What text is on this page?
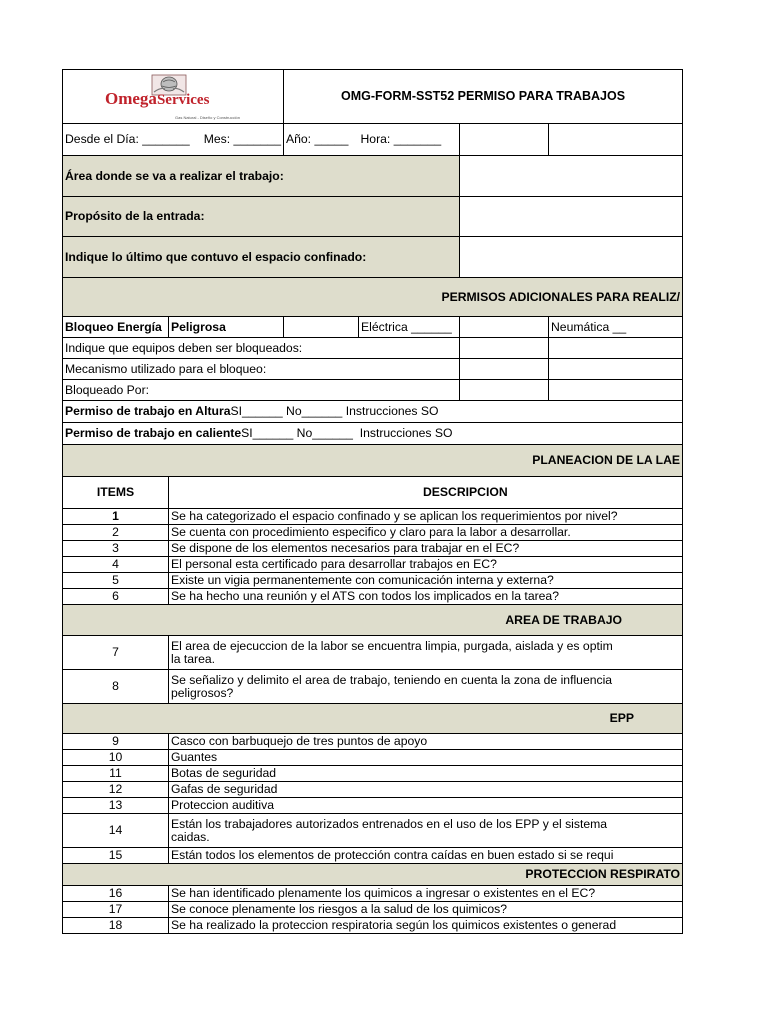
OmegaServices
Gas Natural - Diseño y Construcción		OMG-FORM-SST52 PERMISO PARA TRABAJOS			
Desde el Día: _______	Mes: _______	Año: _____	Hora: _______		
Área donde se va a realizar el trabajo:					
Propósito de la entrada:					
Indique lo último que contuvo el espacio confinado:					
PERMISOS ADICIONALES PARA REALIZ/					
Bloqueo Energía	Peligrosa		Eléctrica ______		Neumática __
Indique que equipos deben ser bloqueados:					
Mecanismo utilizado para el bloqueo:					
Bloqueado Por:					
Permiso de trabajo en AlturaSI______ No______ Instrucciones SO					
Permiso de trabajo en calienteSI______ No______  Instrucciones SO					
PLANEACION DE LA LAE					
ITEMS	DESCRIPCION				
1	Se ha categorizado el espacio confinado y se aplican los requerimientos por nivel?				
2	Se cuenta con procedimiento especifico y claro para la labor a desarrollar.				
3	Se dispone de los elementos necesarios para trabajar en el EC?				
4	El personal esta certificado para desarrollar trabajos en EC?				
5	Existe un vigia permanentemente con comunicación interna y externa?				
6	Se ha hecho una reunión y el ATS con todos los implicados en la tarea?				
AREA DE TRABAJO					
7	El area de ejecuccion de la labor se encuentra limpia, purgada, aislada y es optim la tarea.				
8	Se señalizo y delimito el area de trabajo, teniendo en cuenta la zona de influencia peligrosos?				
EPP					
9	Casco con barbuquejo de tres puntos de apoyo				
10	Guantes				
11	Botas de seguridad				
12	Gafas de seguridad				
13	Proteccion auditiva				
14	Están los trabajadores autorizados entrenados en el uso de los EPP y el sistema caidas.				
15	Están todos los elementos de protección contra caídas en buen estado si se requi				
PROTECCION RESPIRATO					
16	Se han identificado plenamente los quimicos a ingresar o existentes en el EC?				
17	Se conoce plenamente los riesgos a la salud de los quimicos?				
18	Se ha realizado la proteccion respiratoria según los quimicos existentes o generad				
